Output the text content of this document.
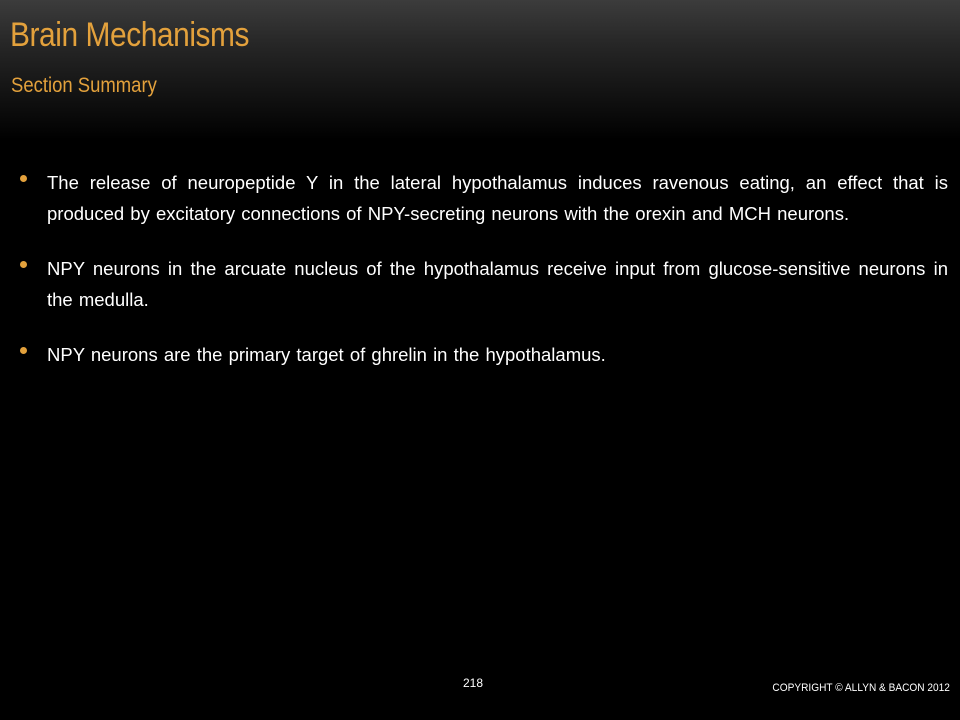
Brain Mechanisms
Section Summary
The release of neuropeptide Y in the lateral hypothalamus induces ravenous eating, an effect that is produced by excitatory connections of NPY-secreting neurons with the orexin and MCH neurons.
NPY neurons in the arcuate nucleus of the hypothalamus receive input from glucose-sensitive neurons in the medulla.
NPY neurons are the primary target of ghrelin in the hypothalamus.
218	COPYRIGHT © ALLYN & BACON 2012
